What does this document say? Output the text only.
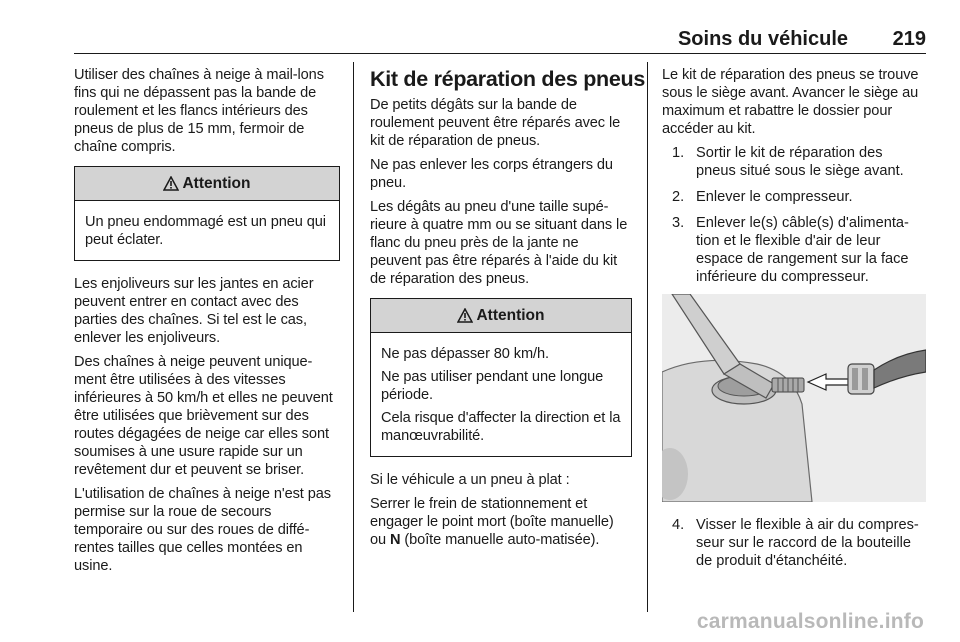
Soins du véhicule 219

Utiliser des chaînes à neige à mail-lons fins qui ne dépassent pas la bande de roulement et les flancs intérieurs des pneus de plus de 15 mm, fermoir de chaîne compris.

Attention

Un pneu endommagé est un pneu qui peut éclater.

Les enjoliveurs sur les jantes en acier peuvent entrer en contact avec des parties des chaînes. Si tel est le cas, enlever les enjoliveurs.

Des chaînes à neige peuvent unique-ment être utilisées à des vitesses inférieures à 50 km/h et elles ne peuvent être utilisées que brièvement sur des routes dégagées de neige car elles sont soumises à une usure rapide sur un revêtement dur et peuvent se briser.

L'utilisation de chaînes à neige n'est pas permise sur la roue de secours temporaire ou sur des roues de diffé-rentes tailles que celles montées en usine.

Kit de réparation des pneus

De petits dégâts sur la bande de roulement peuvent être réparés avec le kit de réparation de pneus.

Ne pas enlever les corps étrangers du pneu.

Les dégâts au pneu d'une taille supé-rieure à quatre mm ou se situant dans le flanc du pneu près de la jante ne peuvent pas être réparés à l'aide du kit de réparation des pneus.

Attention

Ne pas dépasser 80 km/h.

Ne pas utiliser pendant une longue période.

Cela risque d'affecter la direction et la manœuvrabilité.

Si le véhicule a un pneu à plat :

Serrer le frein de stationnement et engager le point mort (boîte manuelle) ou N (boîte manuelle auto-matisée).

Le kit de réparation des pneus se trouve sous le siège avant. Avancer le siège au maximum et rabattre le dossier pour accéder au kit.

1. Sortir le kit de réparation des pneus situé sous le siège avant.
2. Enlever le compresseur.
3. Enlever le(s) câble(s) d'alimenta-tion et le flexible d'air de leur espace de rangement sur la face inférieure du compresseur.
4. Visser le flexible à air du compres-seur sur le raccord de la bouteille de produit d'étanchéité.
carmanualsonline.info
